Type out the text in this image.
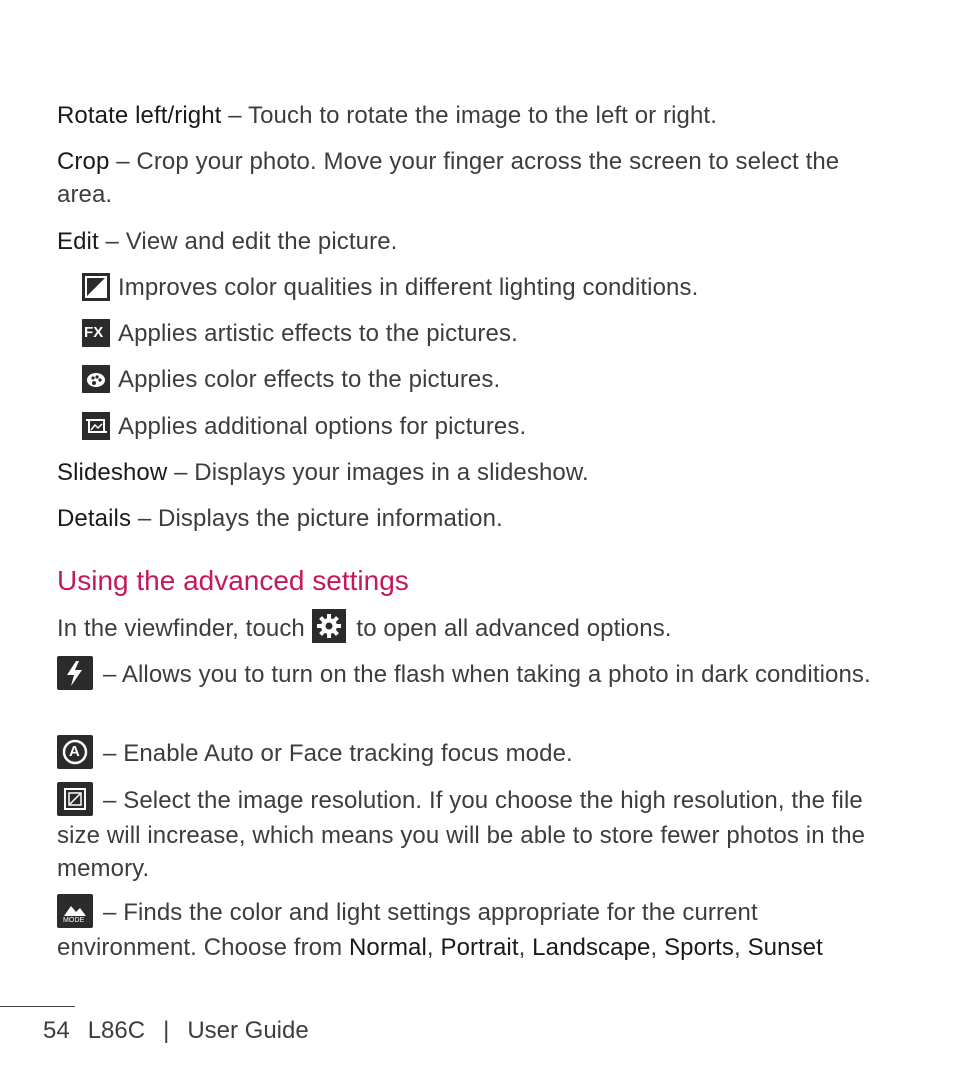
Rotate left/right – Touch to rotate the image to the left or right.
Crop – Crop your photo. Move your finger across the screen to select the area.
Edit – View and edit the picture.
Improves color qualities in different lighting conditions.
FX Applies artistic effects to the pictures.
Applies color effects to the pictures.
Applies additional options for pictures.
Slideshow – Displays your images in a slideshow.
Details – Displays the picture information.
Using the advanced settings
In the viewfinder, touch
to open all advanced options.
– Allows you to turn on the flash when taking a photo in dark conditions.
A – Enable Auto or Face tracking focus mode.
– Select the image resolution. If you choose the high resolution, the file size will increase, which means you will be able to store fewer photos in the memory.
MODE – Finds the color and light settings appropriate for the current environment. Choose from Normal, Portrait, Landscape, Sports, Sunset
54 L86C | User Guide
